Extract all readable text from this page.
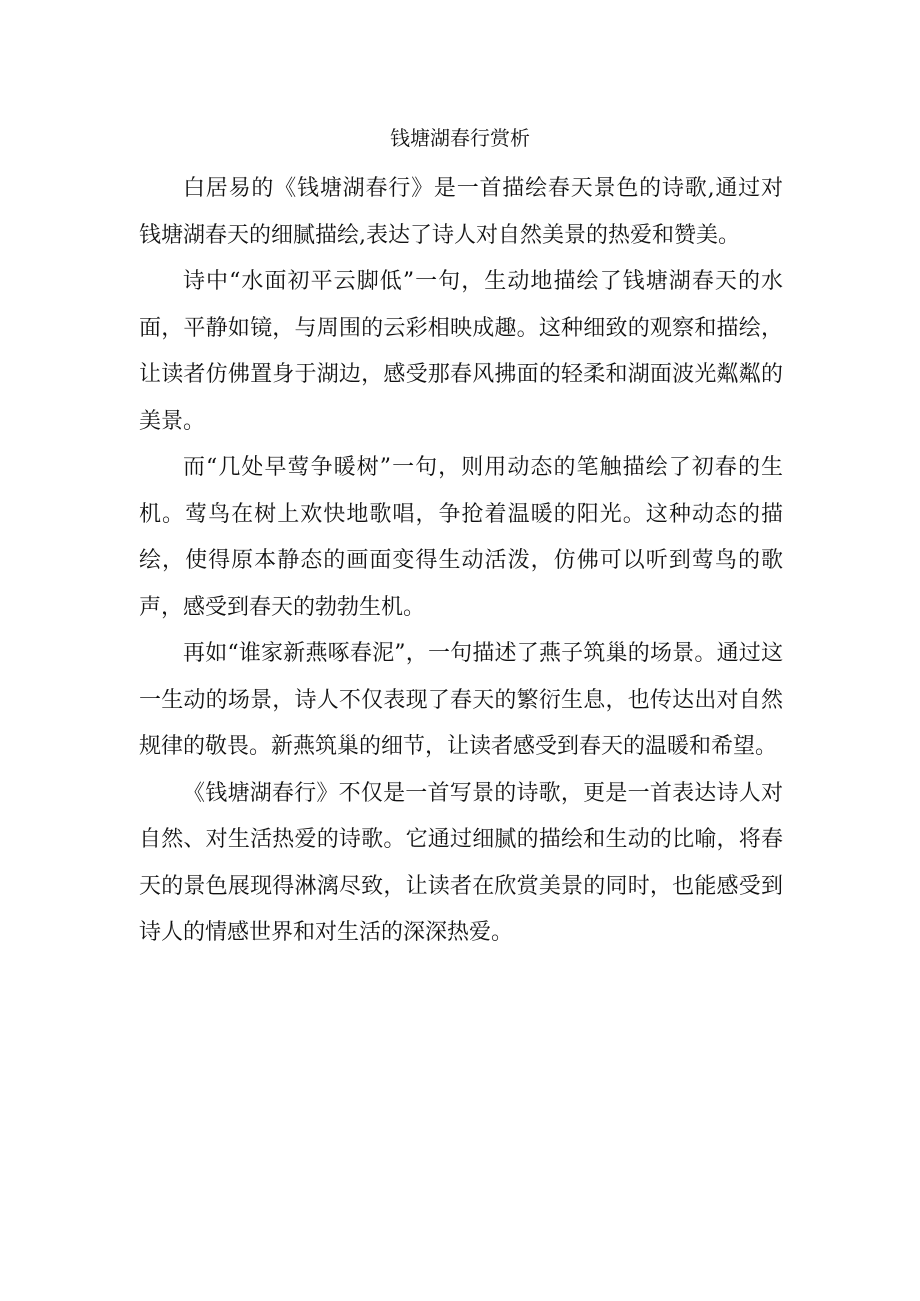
钱塘湖春行赏析

白居易的《钱塘湖春行》是一首描绘春天景色的诗歌,通过对钱塘湖春天的细腻描绘,表达了诗人对自然美景的热爱和赞美。

诗中“水面初平云脚低”一句，生动地描绘了钱塘湖春天的水面，平静如镜，与周围的云彩相映成趣。这种细致的观察和描绘，让读者仿佛置身于湖边，感受那春风拂面的轻柔和湖面波光粼粼的美景。

而“几处早莺争暖树”一句，则用动态的笔触描绘了初春的生机。莺鸟在树上欢快地歌唱，争抢着温暖的阳光。这种动态的描绘，使得原本静态的画面变得生动活泼，仿佛可以听到莺鸟的歌声，感受到春天的勃勃生机。

再如“谁家新燕啄春泥”，一句描述了燕子筑巢的场景。通过这一生动的场景，诗人不仅表现了春天的繁衍生息，也传达出对自然规律的敬畏。新燕筑巢的细节，让读者感受到春天的温暖和希望。

《钱塘湖春行》不仅是一首写景的诗歌，更是一首表达诗人对自然、对生活热爱的诗歌。它通过细腻的描绘和生动的比喻，将春天的景色展现得淋漓尽致，让读者在欣赏美景的同时，也能感受到诗人的情感世界和对生活的深深热爱。
